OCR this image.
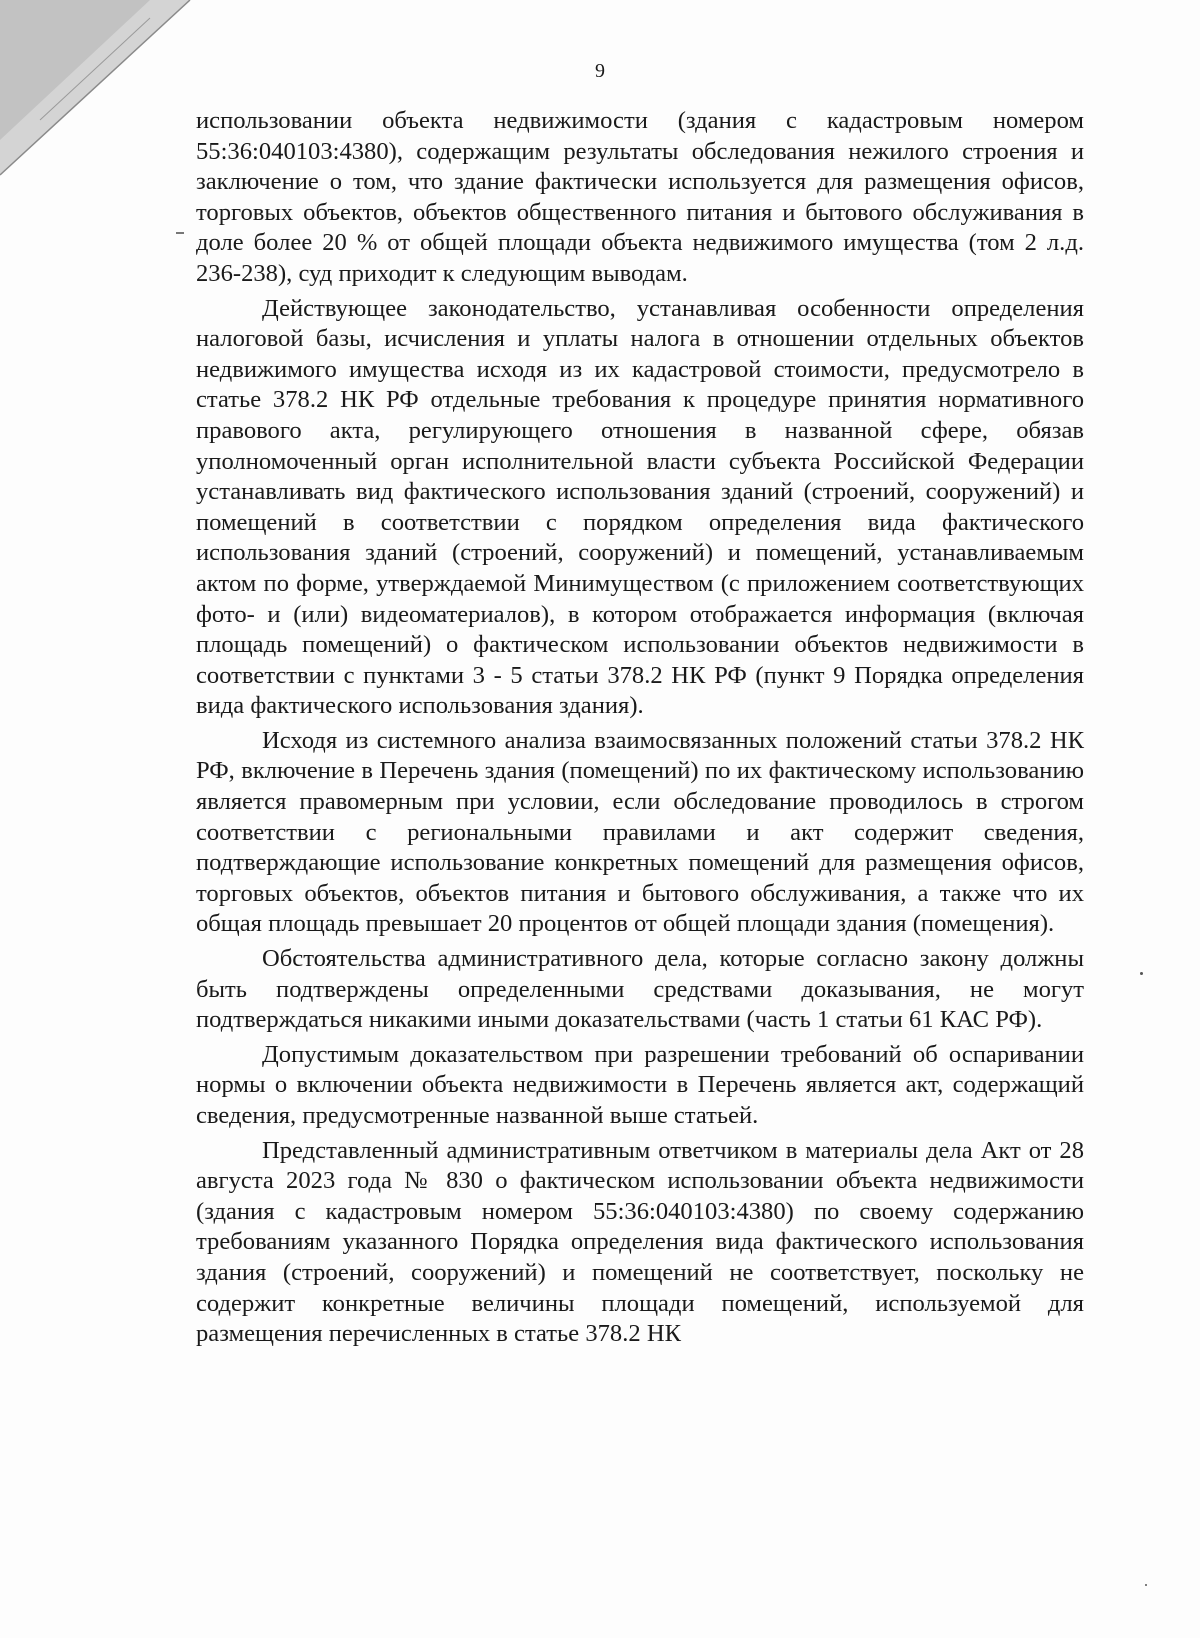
9

использовании объекта недвижимости (здания с кадастровым номером 55:36:040103:4380), содержащим результаты обследования нежилого строения и заключение о том, что здание фактически используется для размещения офисов, торговых объектов, объектов общественного питания и бытового обслуживания в доле более 20 % от общей площади объекта недвижимого имущества (том 2 л.д. 236-238), суд приходит к следующим выводам.

Действующее законодательство, устанавливая особенности определения налоговой базы, исчисления и уплаты налога в отношении отдельных объектов недвижимого имущества исходя из их кадастровой стоимости, предусмотрело в статье 378.2 НК РФ отдельные требования к процедуре принятия нормативного правового акта, регулирующего отношения в названной сфере, обязав уполномоченный орган исполнительной власти субъекта Российской Федерации устанавливать вид фактического использования зданий (строений, сооружений) и помещений в соответствии с порядком определения вида фактического использования зданий (строений, сооружений) и помещений, устанавливаемым актом по форме, утверждаемой Минимуществом (с приложением соответствующих фото- и (или) видеоматериалов), в котором отображается информация (включая площадь помещений) о фактическом использовании объектов недвижимости в соответствии с пунктами 3 - 5 статьи 378.2 НК РФ (пункт 9 Порядка определения вида фактического использования здания).

Исходя из системного анализа взаимосвязанных положений статьи 378.2 НК РФ, включение в Перечень здания (помещений) по их фактическому использованию является правомерным при условии, если обследование проводилось в строгом соответствии с региональными правилами и акт содержит сведения, подтверждающие использование конкретных помещений для размещения офисов, торговых объектов, объектов питания и бытового обслуживания, а также что их общая площадь превышает 20 процентов от общей площади здания (помещения).

Обстоятельства административного дела, которые согласно закону должны быть подтверждены определенными средствами доказывания, не могут подтверждаться никакими иными доказательствами (часть 1 статьи 61 КАС РФ).

Допустимым доказательством при разрешении требований об оспаривании нормы о включении объекта недвижимости в Перечень является акт, содержащий сведения, предусмотренные названной выше статьей.

Представленный административным ответчиком в материалы дела Акт от 28 августа 2023 года № 830 о фактическом использовании объекта недвижимости (здания с кадастровым номером 55:36:040103:4380) по своему содержанию требованиям указанного Порядка определения вида фактического использования здания (строений, сооружений) и помещений не соответствует, поскольку не содержит конкретные величины площади помещений, используемой для размещения перечисленных в статье 378.2 НК
